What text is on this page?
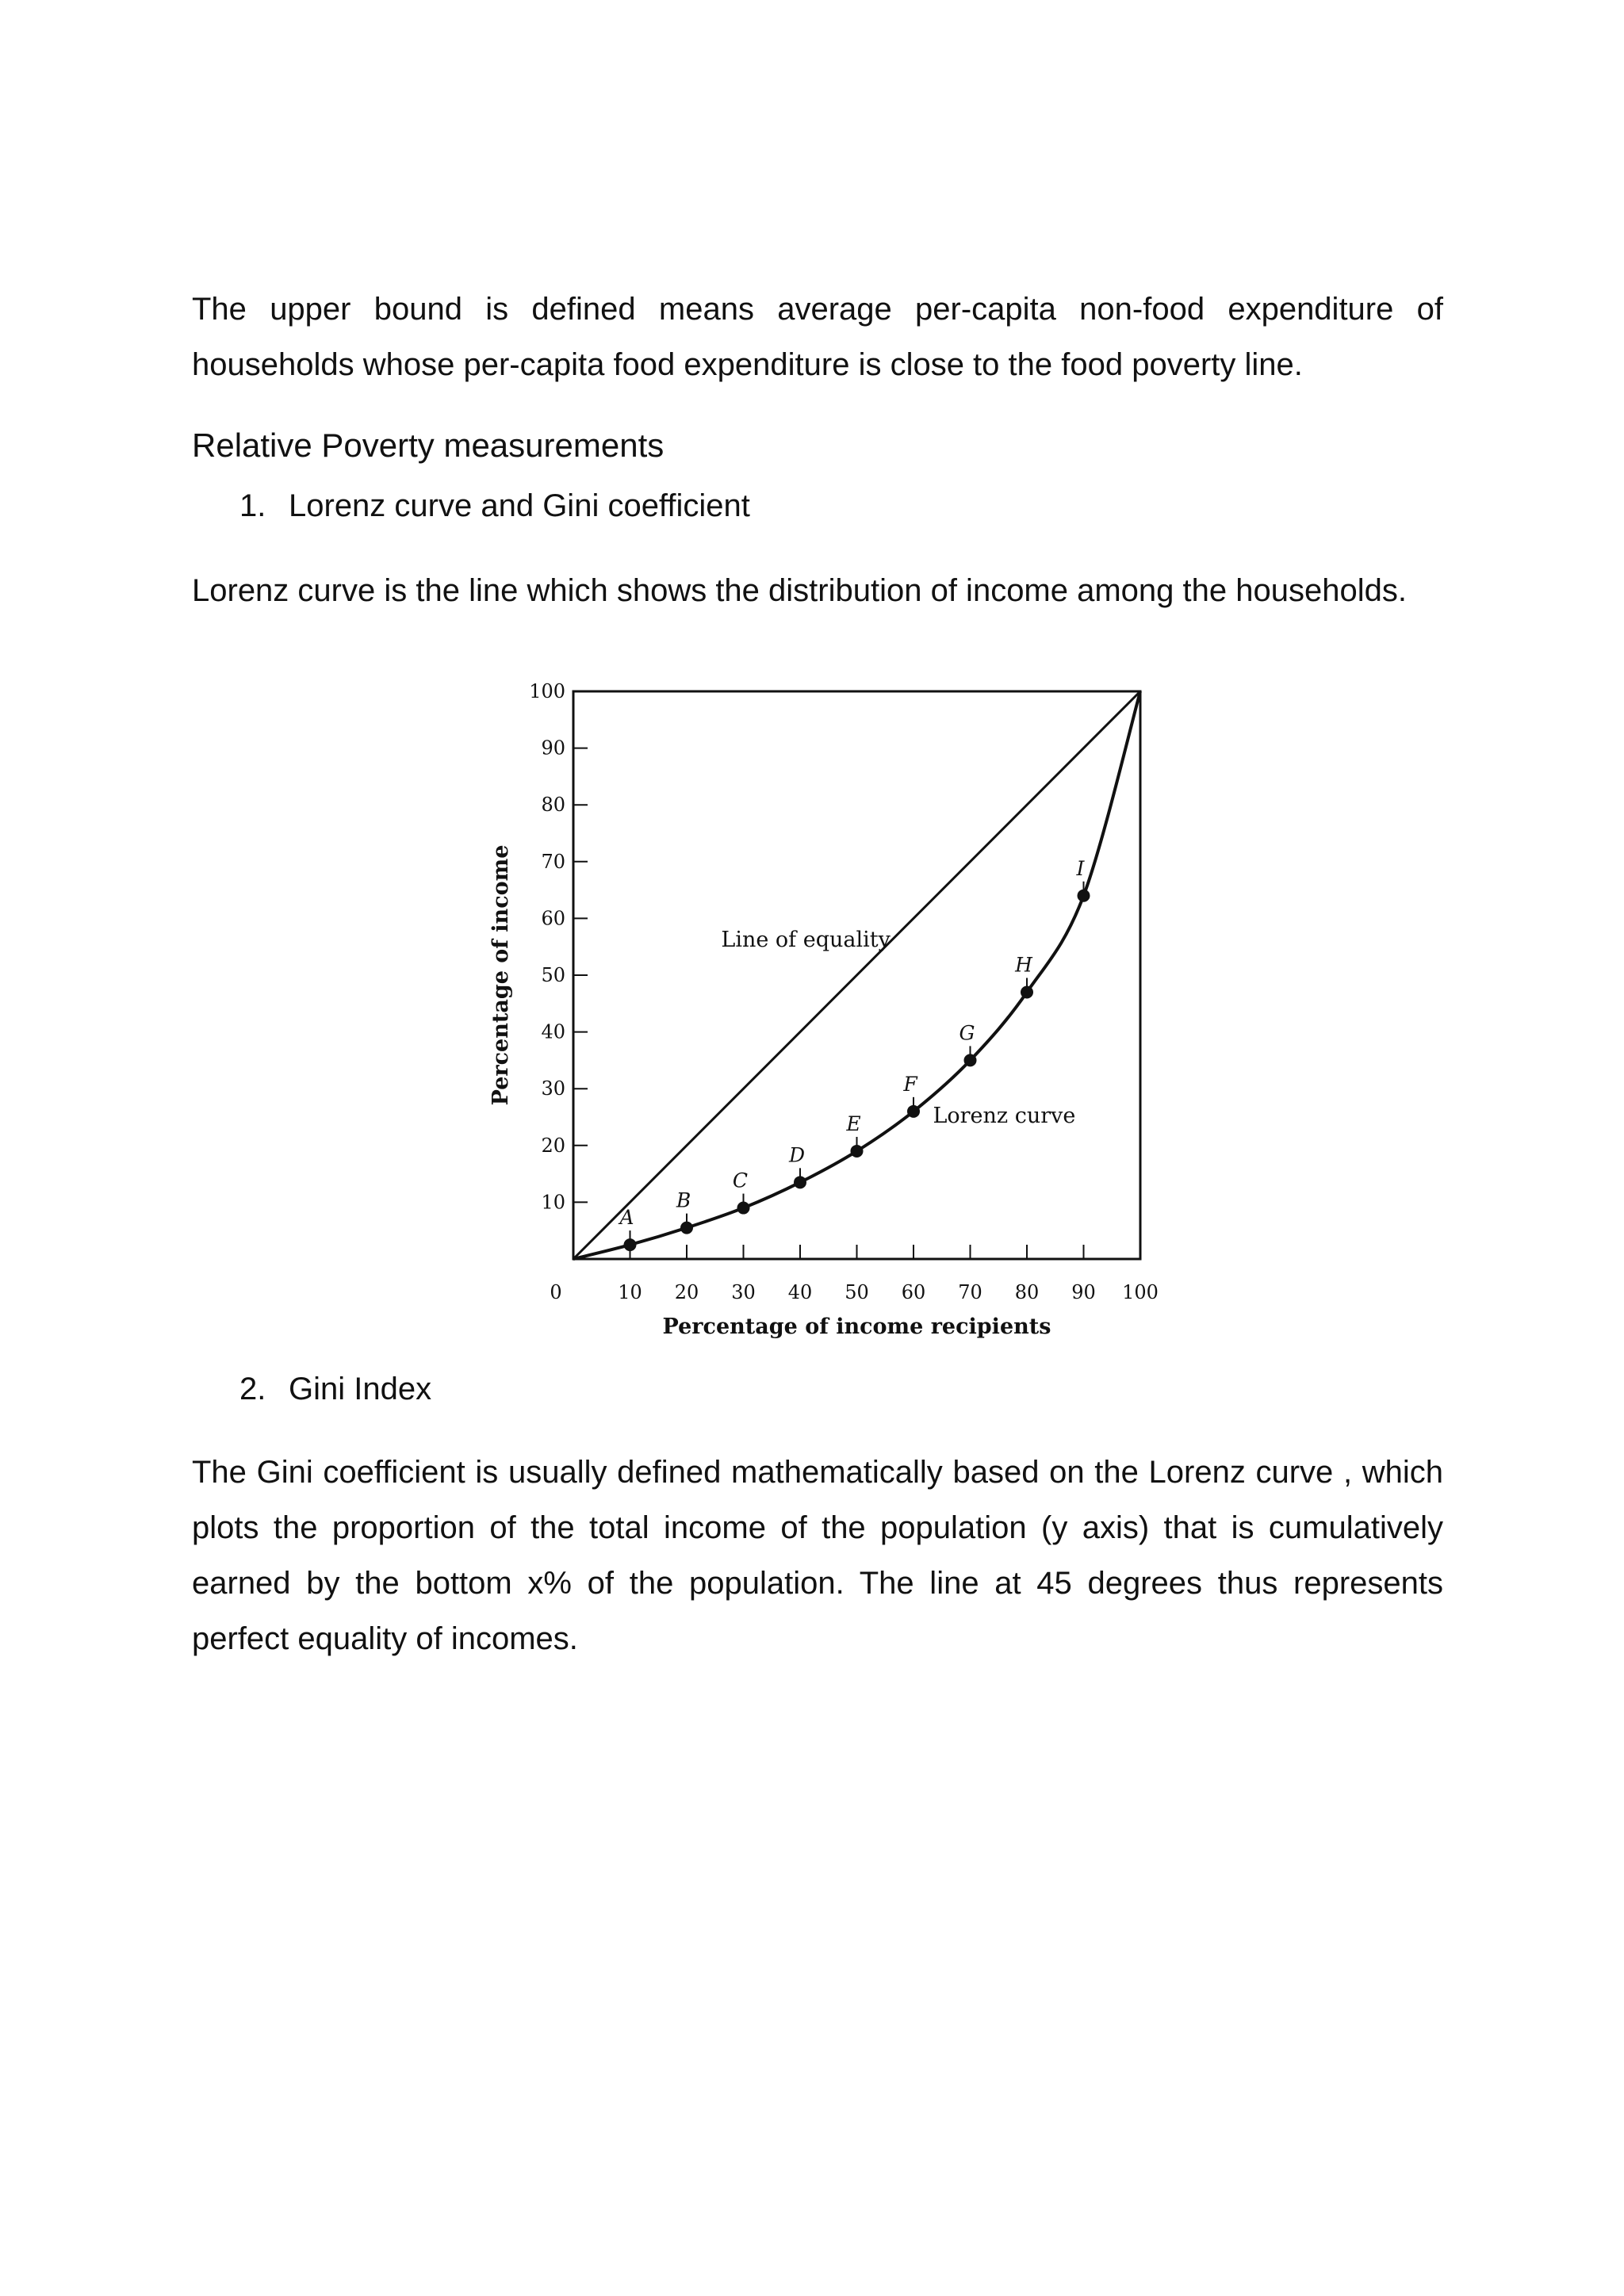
The upper bound is defined means average per-capita non-food expenditure of households whose per-capita food expenditure is close to the food poverty line.

Relative Poverty measurements
1. Lorenz curve and Gini coefficient

Lorenz curve is the line which shows the distribution of income among the households.

100
90
80
70
60
50
40
30
20
10
0	10 20 30 40 50 60 70 80 90 100
A
B
C
D
E
F
G
H
I
Line of equality
Lorenz curve
Percentage of income recipients
Percentage of income
2. Gini Index

The Gini coefficient is usually defined mathematically based on the Lorenz curve , which plots the proportion of the total income of the population (y axis) that is cumulatively earned by the bottom x% of the population. The line at 45 degrees thus represents perfect equality of incomes.
